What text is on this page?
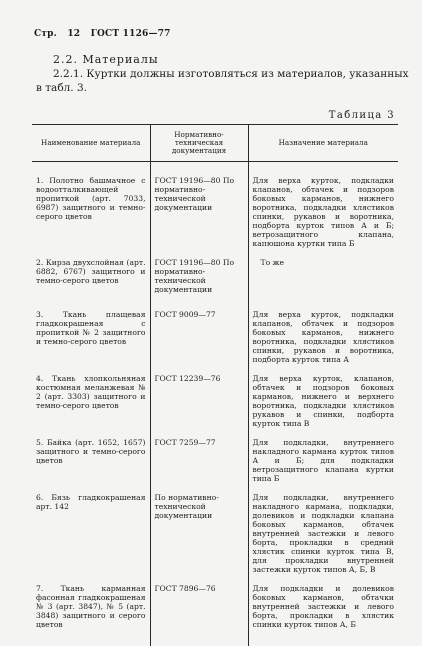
Стр. 12 ГОСТ 1126—77
2.2. Материалы
2.2.1. Куртки должны изготовляться из материалов, указанных
в табл. 3.
Таблица 3
Наименование материала	Нормативно-техническая документация	Назначение материала
1. Полотно башмачное с водоотталкивающей пропиткой (арт. 7033, 6987) защитного и темно-серого цветов	ГОСТ 19196—80 По нормативно-технической документации	Для верха курток, подкладки клапанов, обтачек и подзоров боковых карманов, нижнего воротника, подкладки хлястиков спинки, рукавов и воротника, подборта курток типов А и Б; ветрозащитного клапана, капюшона куртки типа Б
2. Кирза двухслойная (арт. 6882, 6767) защитного и темно-серого цветов	ГОСТ 19196—80 По нормативно-технической документации	То же
3. Ткань плащевая гладкокрашеная с пропиткой № 2 защитного и темно-серого цветов	ГОСТ 9009—77	Для верха курток, подкладки клапанов, обтачек и подзоров боковых карманов, нижнего воротника, подкладки хлястиков спинки, рукавов и воротника, подборта курток типа А
4. Ткань хлопкольняная костюмная меланжевая № 2 (арт. 3303) защитного и темно-серого цветов	ГОСТ 12239—76	Для верха курток, клапанов, обтачек и подзоров боковых карманов, нижнего и верхнего воротника, подкладки хлястиков рукавов и спинки, подборта курток типа В
5. Байка (арт. 1652, 1657) защитного и темно-серого цветов	ГОСТ 7259—77	Для подкладки, внутреннего накладного кармана курток типов А и Б; для подкладки ветрозащитного клапана куртки типа Б
6. Бязь гладкокрашеная арт. 142	По нормативно-технической документации	Для подкладки, внутреннего накладного кармана, подкладки, долевиков и подкладки клапана боковых карманов, обтачек внутренней застежки и левого борта, прокладки в средний хлястик спинки курток типа В, для прокладки внутренней застежки курток типов А, Б, В
7. Ткань карманная фасонная гладкокрашеная № 3 (арт. 3847), № 5 (арт. 3848) защитного и серого цветов	ГОСТ 7896—76	Для подкладки и долевиков боковых карманов, обтачки внутренней застежки и левого борта, прокладки в хлястик спинки курток типов А, Б
